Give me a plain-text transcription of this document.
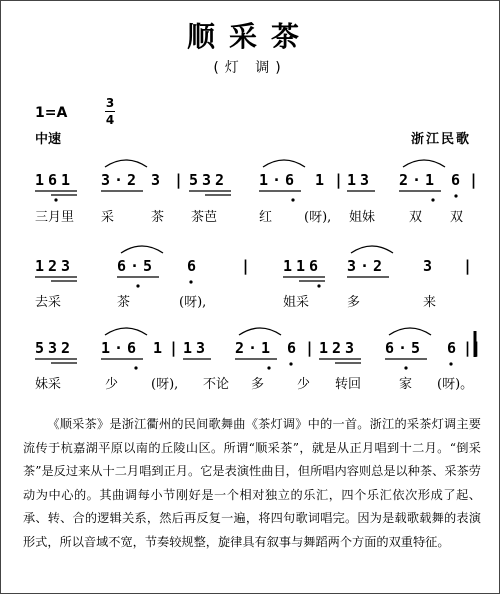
顺采茶
(灯 调)
1=A
3
4
中速	浙江民歌
161 3·2 3 | 532 1·6 1 | 13 2·1 6 |
三月里 采	茶 茶芭	红 (呀), 姐妹	双 双
123	6·5 6	| 116 3·2 3 |
去采	茶	(呀),	姐采	多	来
532 1·6 1 | 13 2·1 6 | 123 6·5 6 ||
妹采	少	(呀), 不论 多	少 转回	家 (呀)。
《顺采茶》是浙江衢州的民间歌舞曲《茶灯调》中的一首。浙江的采茶灯调主要流传于杭嘉湖平原以南的丘陵山区。所谓“顺采茶”，就是从正月唱到十二月。“倒采茶”是反过来从十二月唱到正月。它是表演性曲目，但所唱内容则总是以种茶、采茶劳动为中心的。其曲调每小节刚好是一个相对独立的乐汇，四个乐汇依次形成了起、承、转、合的逻辑关系，然后再反复一遍，将四句歌词唱完。因为是载歌载舞的表演形式，所以音域不宽，节奏较规整，旋律具有叙事与舞蹈两个方面的双重特征。
